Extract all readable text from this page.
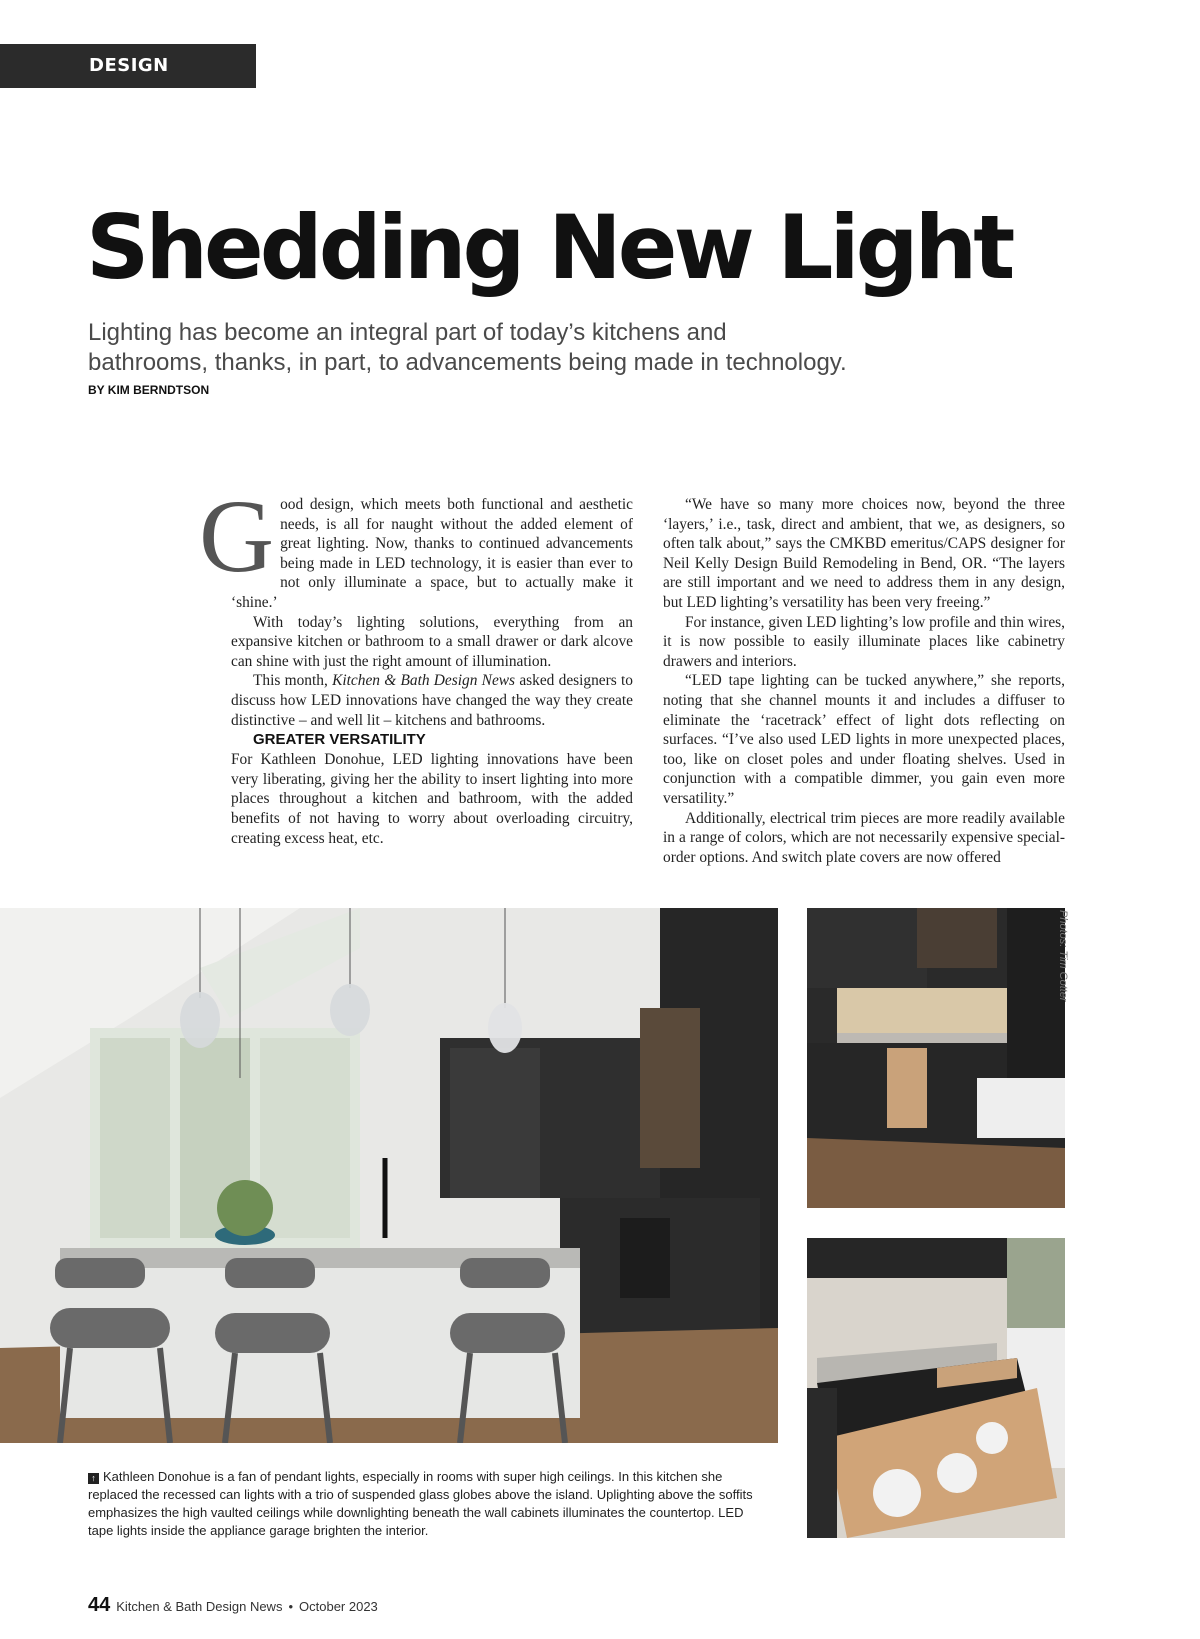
DESIGN TRENDS
Shedding New Light

Lighting has become an integral part of today’s kitchens and bathrooms, thanks, in part, to advancements being made in technology.

BY KIM BERNDTSON

Good design, which meets both functional and aesthetic needs, is all for naught without the added element of great lighting. Now, thanks to continued advancements being made in LED technology, it is easier than ever to not only illuminate a space, but to actually make it ‘shine.’

With today’s lighting solutions, everything from an expansive kitchen or bathroom to a small drawer or dark alcove can shine with just the right amount of illumination.

This month, Kitchen & Bath Design News asked designers to discuss how LED innovations have changed the way they create distinctive – and well lit – kitchens and bathrooms.

GREATER VERSATILITY

For Kathleen Donohue, LED lighting innovations have been very liberating, giving her the ability to insert lighting into more places throughout a kitchen and bathroom, with the added benefits of not having to worry about overloading circuitry, creating excess heat, etc.

“We have so many more choices now, beyond the three ‘layers,’ i.e., task, direct and ambient, that we, as designers, so often talk about,” says the CMKBD emeritus/CAPS designer for Neil Kelly Design Build Remodeling in Bend, OR. “The layers are still important and we need to address them in any design, but LED lighting’s versatility has been very freeing.”

For instance, given LED lighting’s low profile and thin wires, it is now possible to easily illuminate places like cabinetry drawers and interiors.

“LED tape lighting can be tucked anywhere,” she reports, noting that she channel mounts it and includes a diffuser to eliminate the ‘racetrack’ effect of light dots reflecting on surfaces. “I’ve also used LED lights in more unexpected places, too, like on closet poles and under floating shelves. Used in conjunction with a compatible dimmer, you gain even more versatility.”

Additionally, electrical trim pieces are more readily available in a range of colors, which are not necessarily expensive special- order options. And switch plate covers are now offered

Photos: Tim Cotter
↑ Kathleen Donohue is a fan of pendant lights, especially in rooms with super high ceilings. In this kitchen she replaced the recessed can lights with a trio of suspended glass globes above the island. Uplighting above the soffits emphasizes the high vaulted ceilings while downlighting beneath the wall cabinets illuminates the countertop. LED tape lights inside the appliance garage brighten the interior.
44 Kitchen & Bath Design News • October 2023
